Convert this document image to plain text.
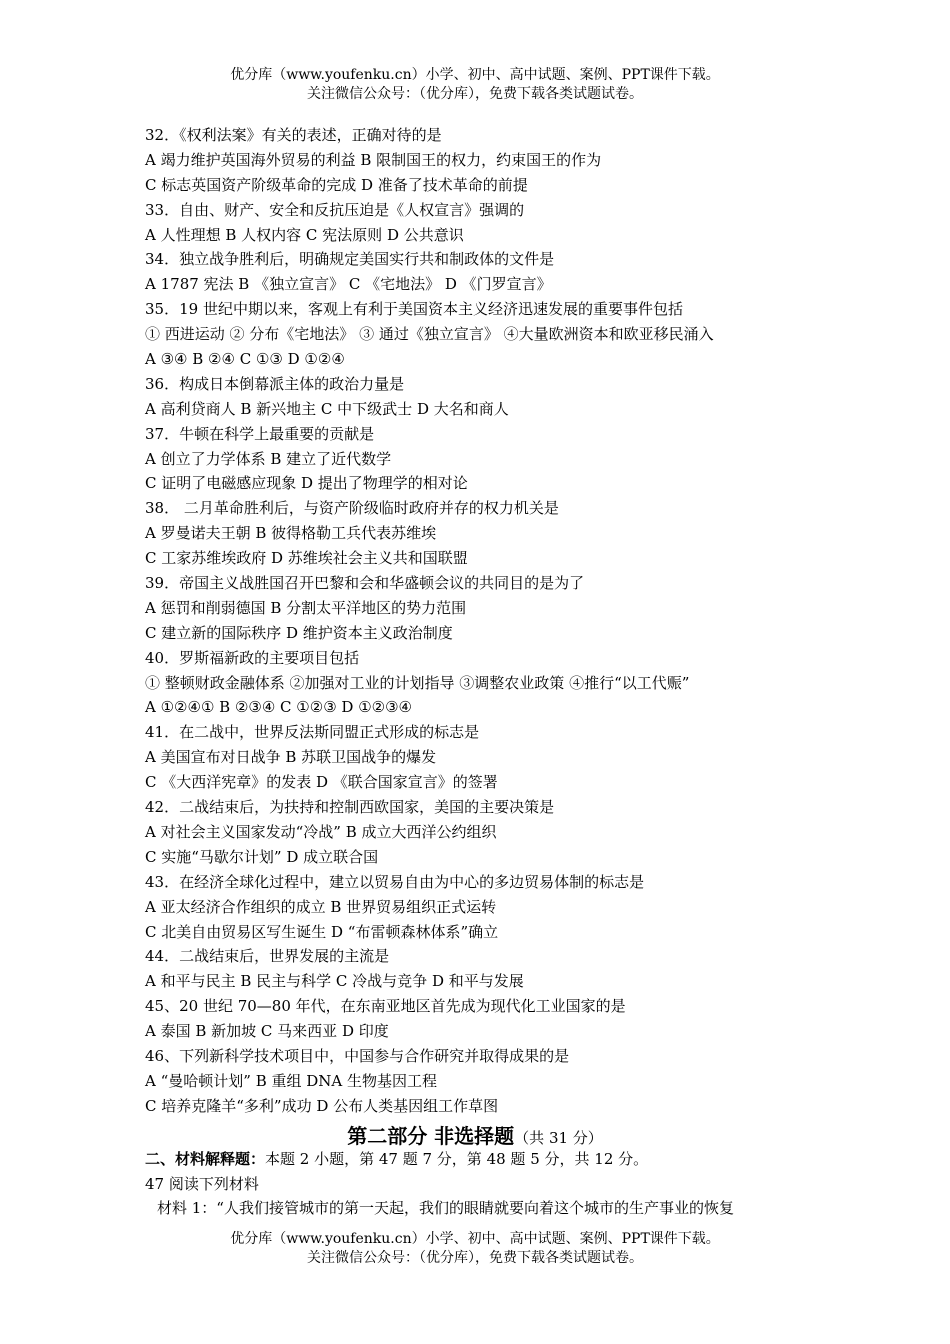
优分库（www.youfenku.cn）小学、初中、高中试题、案例、PPT课件下载。
关注微信公众号：（优分库），免费下载各类试题试卷。
32．《权利法案》有关的表述，正确对待的是
A 竭力维护英国海外贸易的利益 B 限制国王的权力，约束国王的作为
C 标志英国资产阶级革命的完成 D 准备了技术革命的前提
33．自由、财产、安全和反抗压迫是《人权宣言》强调的
A 人性理想 B 人权内容 C 宪法原则 D 公共意识
34．独立战争胜利后，明确规定美国实行共和制政体的文件是
A 1787 宪法 B 《独立宣言》 C 《宅地法》 D 《门罗宣言》
35．19 世纪中期以来，客观上有利于美国资本主义经济迅速发展的重要事件包括
① 西进运动 ② 分布《宅地法》 ③ 通过《独立宣言》 ④大量欧洲资本和欧亚移民涌入
A ③④ B ②④ C ①③ D ①②④
36．构成日本倒幕派主体的政治力量是
A 高利贷商人 B 新兴地主 C 中下级武士 D 大名和商人
37．牛顿在科学上最重要的贡献是
A 创立了力学体系 B 建立了近代数学
C 证明了电磁感应现象 D 提出了物理学的相对论
38． 二月革命胜利后，与资产阶级临时政府并存的权力机关是
A 罗曼诺夫王朝 B 彼得格勒工兵代表苏维埃
C 工家苏维埃政府 D 苏维埃社会主义共和国联盟
39．帝国主义战胜国召开巴黎和会和华盛顿会议的共同目的是为了
A 惩罚和削弱德国 B 分割太平洋地区的势力范围
C 建立新的国际秩序 D 维护资本主义政治制度
40．罗斯福新政的主要项目包括
① 整顿财政金融体系 ②加强对工业的计划指导 ③调整农业政策 ④推行“以工代赈”
A ①②④① B ②③④ C ①②③ D ①②③④
41．在二战中，世界反法斯同盟正式形成的标志是
A 美国宣布对日战争 B 苏联卫国战争的爆发
C 《大西洋宪章》的发表 D 《联合国家宣言》的签署
42．二战结束后，为扶持和控制西欧国家，美国的主要决策是
A 对社会主义国家发动“冷战” B 成立大西洋公约组织
C 实施“马歇尔计划” D 成立联合国
43．在经济全球化过程中，建立以贸易自由为中心的多边贸易体制的标志是
A 亚太经济合作组织的成立 B 世界贸易组织正式运转
C 北美自由贸易区写生诞生 D “布雷顿森林体系”确立
44．二战结束后，世界发展的主流是
A 和平与民主 B 民主与科学 C 冷战与竞争 D 和平与发展
45、20 世纪 70—80 年代，在东南亚地区首先成为现代化工业国家的是
A 泰国 B 新加坡 C 马来西亚 D 印度
46、下列新科学技术项目中，中国参与合作研究并取得成果的是
A “曼哈顿计划” B 重组 DNA 生物基因工程
C 培养克隆羊“多利”成功 D 公布人类基因组工作草图
第二部分 非选择题（共 31 分）
二、材料解释题：本题 2 小题，第 47 题 7 分，第 48 题 5 分，共 12 分。
47 阅读下列材料
材料 1：“人我们接管城市的第一天起，我们的眼睛就要向着这个城市的生产事业的恢复
优分库（www.youfenku.cn）小学、初中、高中试题、案例、PPT课件下载。
关注微信公众号：（优分库），免费下载各类试题试卷。
